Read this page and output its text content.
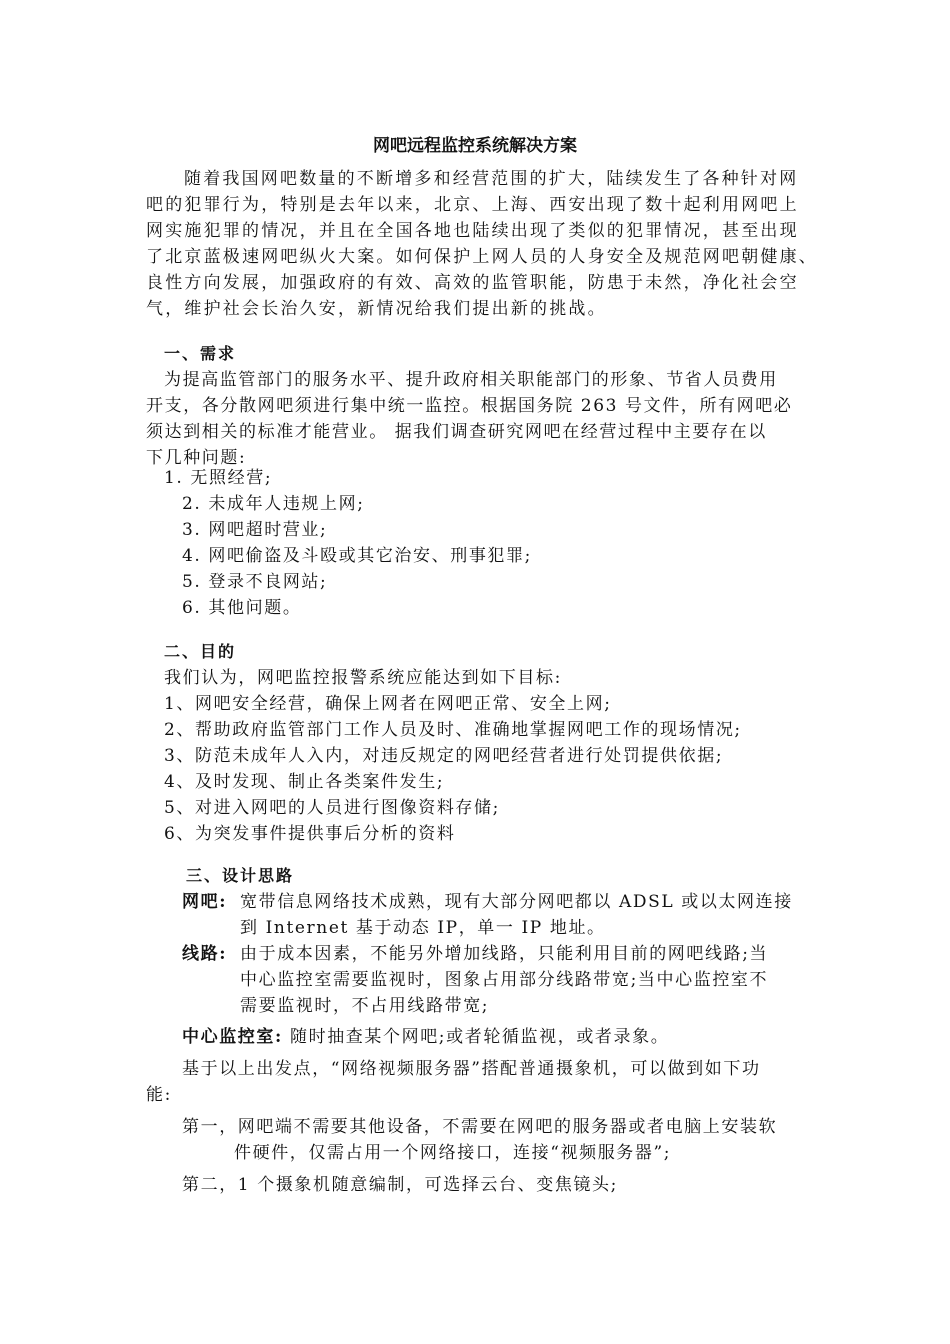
网吧远程监控系统解决方案
随着我国网吧数量的不断增多和经营范围的扩大，陆续发生了各种针对网
吧的犯罪行为，特别是去年以来，北京、上海、西安出现了数十起利用网吧上
网实施犯罪的情况，并且在全国各地也陆续出现了类似的犯罪情况，甚至出现
了北京蓝极速网吧纵火大案。如何保护上网人员的人身安全及规范网吧朝健康、
良性方向发展，加强政府的有效、高效的监管职能，防患于未然，净化社会空
气，维护社会长治久安，新情况给我们提出新的挑战。
一、需求
为提高监管部门的服务水平、提升政府相关职能部门的形象、节省人员费用
开支，各分散网吧须进行集中统一监控。根据国务院 263 号文件，所有网吧必
须达到相关的标准才能营业。 据我们调查研究网吧在经营过程中主要存在以
下几种问题:
1. 无照经营;
2. 未成年人违规上网;
3. 网吧超时营业;
4. 网吧偷盗及斗殴或其它治安、刑事犯罪;
5. 登录不良网站;
6. 其他问题。
二、目的
我们认为，网吧监控报警系统应能达到如下目标:
1、网吧安全经营，确保上网者在网吧正常、安全上网;
2、帮助政府监管部门工作人员及时、准确地掌握网吧工作的现场情况;
3、防范未成年人入内，对违反规定的网吧经营者进行处罚提供依据;
4、及时发现、制止各类案件发生;
5、对进入网吧的人员进行图像资料存储;
6、为突发事件提供事后分析的资料
三、设计思路
网吧: 宽带信息网络技术成熟，现有大部分网吧都以 ADSL 或以太网连接
到 Internet 基于动态 IP，单一 IP 地址。
线路: 由于成本因素，不能另外增加线路，只能利用目前的网吧线路;当
中心监控室需要监视时，图象占用部分线路带宽;当中心监控室不
需要监视时，不占用线路带宽;
中心监控室: 随时抽查某个网吧;或者轮循监视，或者录象。
基于以上出发点，“网络视频服务器”搭配普通摄象机，可以做到如下功
能:
第一，网吧端不需要其他设备，不需要在网吧的服务器或者电脑上安装软
件硬件，仅需占用一个网络接口，连接“视频服务器”;
第二，1 个摄象机随意编制，可选择云台、变焦镜头;
